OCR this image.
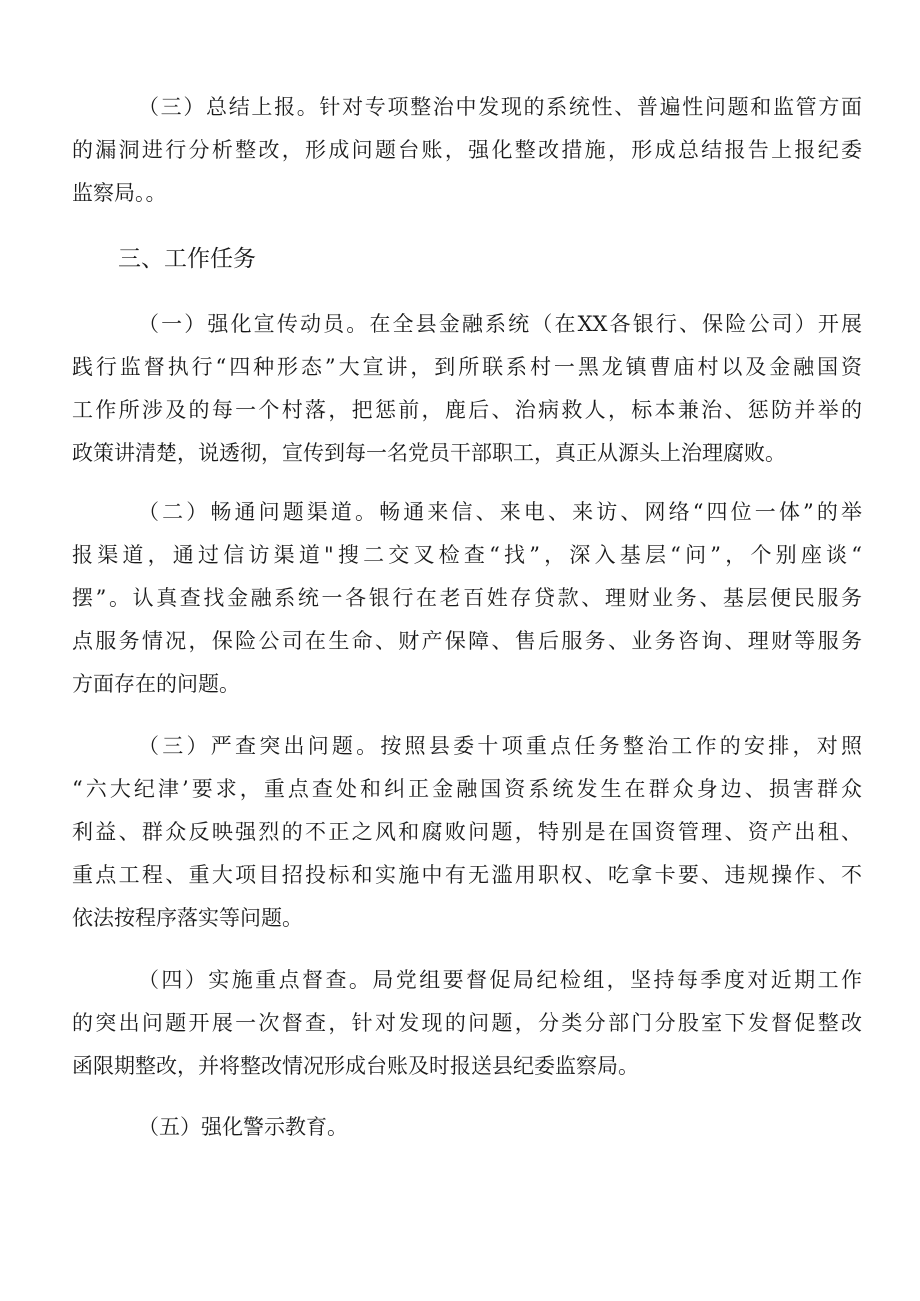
（三）总结上报。针对专项整治中发现的系统性、普遍性问题和监管方面
的漏洞进行分析整改，形成问题台账，强化整改措施，形成总结报告上报纪委
监察局。。
三、工作任务
（一）强化宣传动员。在全县金融系统（在XX各银行、保险公司）开展
践行监督执行“四种形态”大宣讲，到所联系村一黑龙镇曹庙村以及金融国资
工作所涉及的每一个村落，把惩前，鹿后、治病救人，标本兼治、惩防并举的
政策讲清楚，说透彻，宣传到每一名党员干部职工，真正从源头上治理腐败。
（二）畅通问题渠道。畅通来信、来电、来访、网络“四位一体”的举
报渠道，通过信访渠道"搜二交叉检查“找”，深入基层“问”，个别座谈“
摆”。认真查找金融系统一各银行在老百姓存贷款、理财业务、基层便民服务
点服务情况，保险公司在生命、财产保障、售后服务、业务咨询、理财等服务
方面存在的问题。
（三）严查突出问题。按照县委十项重点任务整治工作的安排，对照
“六大纪津’要求，重点查处和纠正金融国资系统发生在群众身边、损害群众
利益、群众反映强烈的不正之风和腐败问题，特别是在国资管理、资产出租、
重点工程、重大项目招投标和实施中有无滥用职权、吃拿卡要、违规操作、不
依法按程序落实等问题。
（四）实施重点督查。局党组要督促局纪检组，坚持每季度对近期工作
的突出问题开展一次督查，针对发现的问题，分类分部门分股室下发督促整改
函限期整改，并将整改情况形成台账及时报送县纪委监察局。
（五）强化警示教育。
